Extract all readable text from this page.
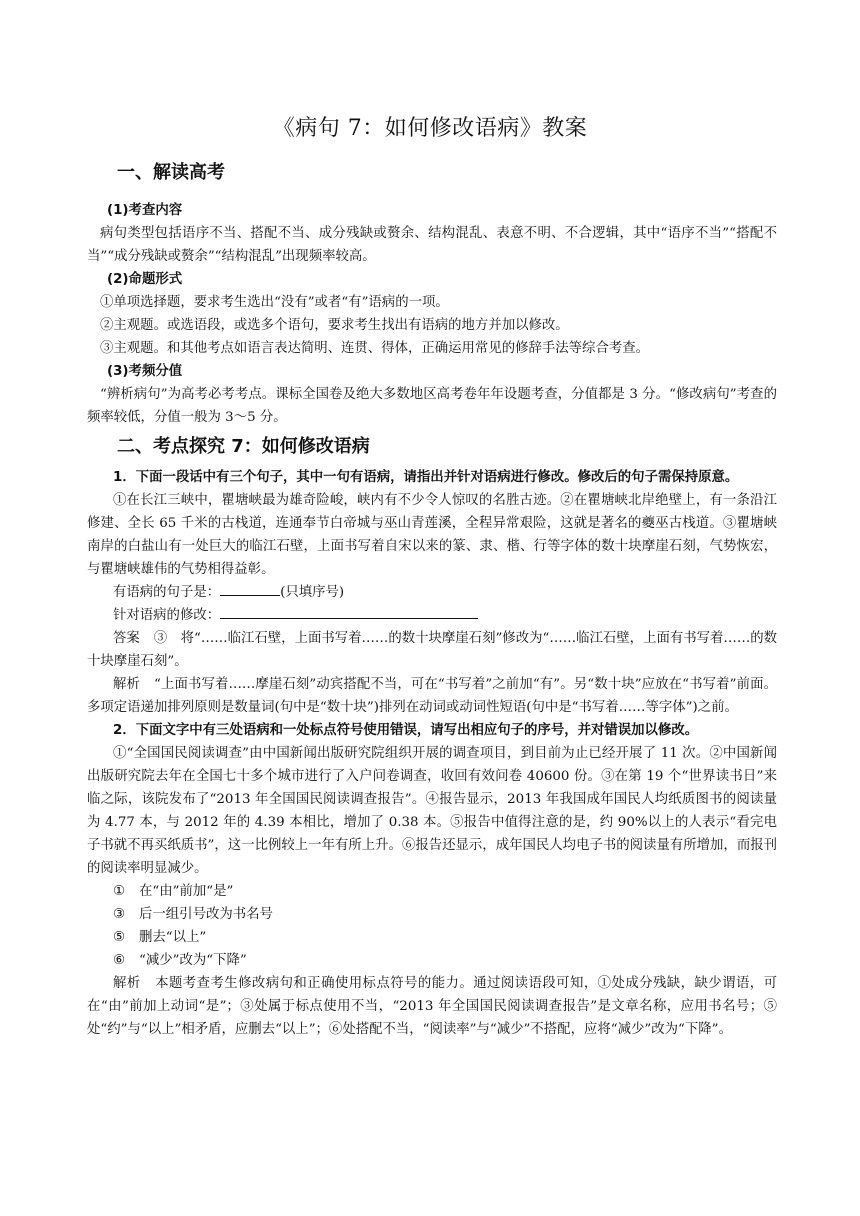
《病句 7：如何修改语病》教案
一、解读高考

(1)考查内容

病句类型包括语序不当、搭配不当、成分残缺或赘余、结构混乱、表意不明、不合逻辑，其中“语序不当”“搭配不当”“成分残缺或赘余”“结构混乱”出现频率较高。

(2)命题形式

①单项选择题，要求考生选出“没有”或者“有”语病的一项。

②主观题。或选语段，或选多个语句，要求考生找出有语病的地方并加以修改。

③主观题。和其他考点如语言表达简明、连贯、得体，正确运用常见的修辞手法等综合考查。

(3)考频分值

“辨析病句”为高考必考考点。课标全国卷及绝大多数地区高考卷年年设题考查，分值都是 3 分。“修改病句”考查的频率较低，分值一般为 3～5 分。

二、考点探究 7：如何修改语病

1．下面一段话中有三个句子，其中一句有语病，请指出并针对语病进行修改。修改后的句子需保持原意。

①在长江三峡中，瞿塘峡最为雄奇险峻，峡内有不少令人惊叹的名胜古迹。②在瞿塘峡北岸绝壁上，有一条沿江修建、全长 65 千米的古栈道，连通奉节白帝城与巫山青莲溪，全程异常艰险，这就是著名的夔巫古栈道。③瞿塘峡南岸的白盐山有一处巨大的临江石壁，上面书写着自宋以来的篆、隶、楷、行等字体的数十块摩崖石刻，气势恢宏，与瞿塘峡雄伟的气势相得益彰。

有语病的句子是：	(只填序号)

针对语病的修改：

答案 ③　将“……临江石壁，上面书写着……的数十块摩崖石刻”修改为“……临江石壁，上面有书写着……的数十块摩崖石刻”。

解析 “上面书写着……摩崖石刻”动宾搭配不当，可在“书写着”之前加“有”。另“数十块”应放在“书写着”前面。多项定语递加排列原则是数量词(句中是“数十块”)排列在动词或动词性短语(句中是“书写着……等字体”)之前。

2．下面文字中有三处语病和一处标点符号使用错误，请写出相应句子的序号，并对错误加以修改。

①“全国国民阅读调查”由中国新闻出版研究院组织开展的调查项目，到目前为止已经开展了 11 次。②中国新闻出版研究院去年在全国七十多个城市进行了入户问卷调查，收回有效问卷 40600 份。③在第 19 个“世界读书日”来临之际，该院发布了“2013 年全国国民阅读调查报告”。④报告显示，2013 年我国成年国民人均纸质图书的阅读量为 4.77 本，与 2012 年的 4.39 本相比，增加了 0.38 本。⑤报告中值得注意的是，约 90%以上的人表示“看完电子书就不再买纸质书”，这一比例较上一年有所上升。⑥报告还显示，成年国民人均电子书的阅读量有所增加，而报刊的阅读率明显减少。

① 在“由”前加“是”

③ 后一组引号改为书名号

⑤ 删去“以上”

⑥ “减少”改为“下降”

解析 本题考查考生修改病句和正确使用标点符号的能力。通过阅读语段可知，①处成分残缺，缺少谓语，可在“由”前加上动词“是”；③处属于标点使用不当，“2013 年全国国民阅读调查报告”是文章名称，应用书名号；⑤处“约”与“以上”相矛盾，应删去“以上”；⑥处搭配不当，“阅读率”与“减少”不搭配，应将“减少”改为“下降”。
